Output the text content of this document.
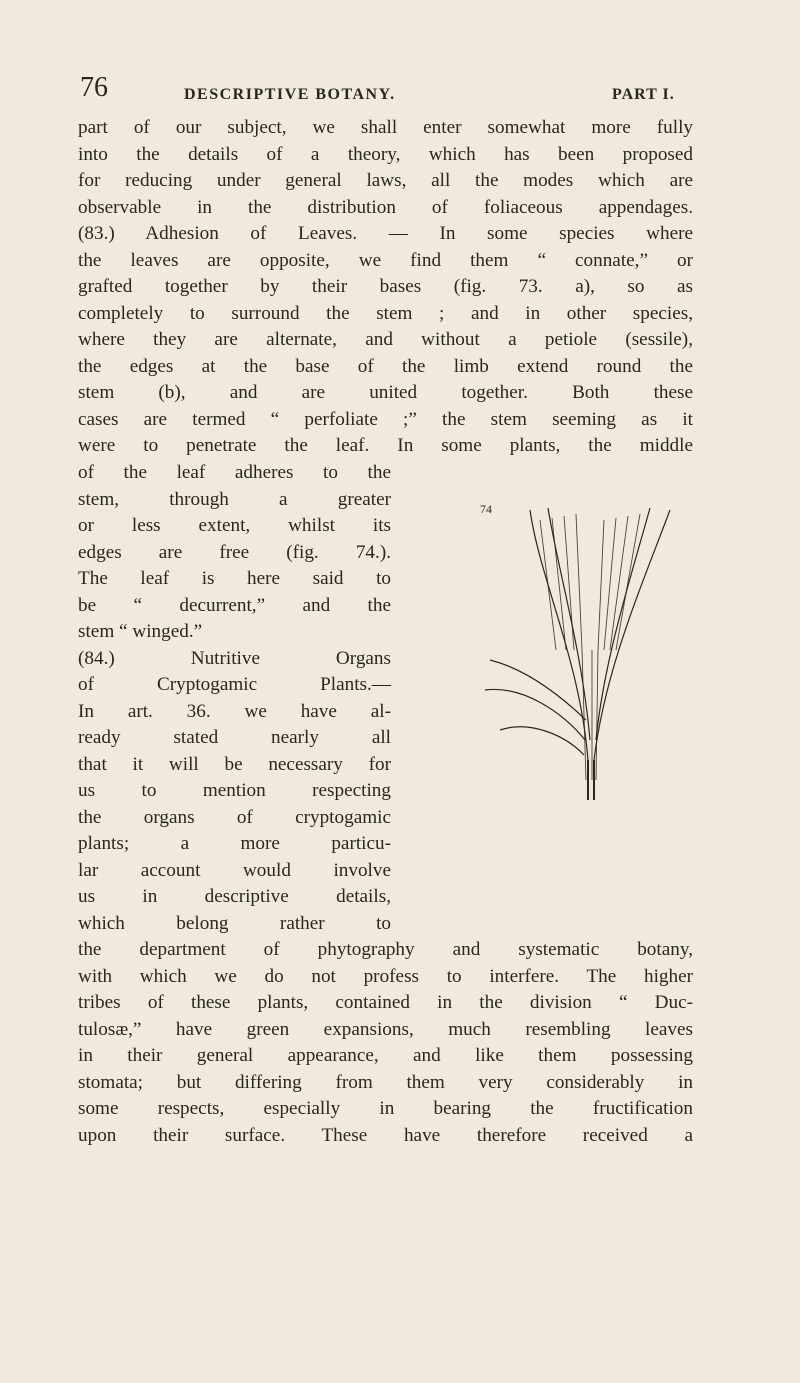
76	DESCRIPTIVE BOTANY.	PART I.

part of our subject, we shall enter somewhat more fully

into the details of a theory, which has been proposed

for reducing under general laws, all the modes which are

observable in the distribution of foliaceous appendages.

(83.) Adhesion of Leaves. — In some species where

the leaves are opposite, we find them “ connate,” or

grafted together by their bases (fig. 73. a), so as

completely to surround the stem ; and in other species,

where they are alternate, and without a petiole (sessile),

the edges at the base of the limb extend round the

stem (b), and are united together. Both these

cases are termed “ perfoliate ;” the stem seeming as it

were to penetrate the leaf. In some plants, the middle

of the leaf adheres to the

stem, through a greater

or less extent, whilst its

edges are free (fig. 74.).

The leaf is here said to

be “ decurrent,” and the

stem “ winged.”

(84.) Nutritive Organs

of Cryptogamic Plants.—

In art. 36. we have al-

ready stated nearly all

that it will be necessary for

us to mention respecting

the organs of cryptogamic

plants; a more particu-

lar account would involve

us in descriptive details,

which belong rather to

74

the department of phytography and systematic botany,

with which we do not profess to interfere. The higher

tribes of these plants, contained in the division “ Duc-

tulosæ,” have green expansions, much resembling leaves

in their general appearance, and like them possessing

stomata; but differing from them very considerably in

some respects, especially in bearing the fructification

upon their surface. These have therefore received a
